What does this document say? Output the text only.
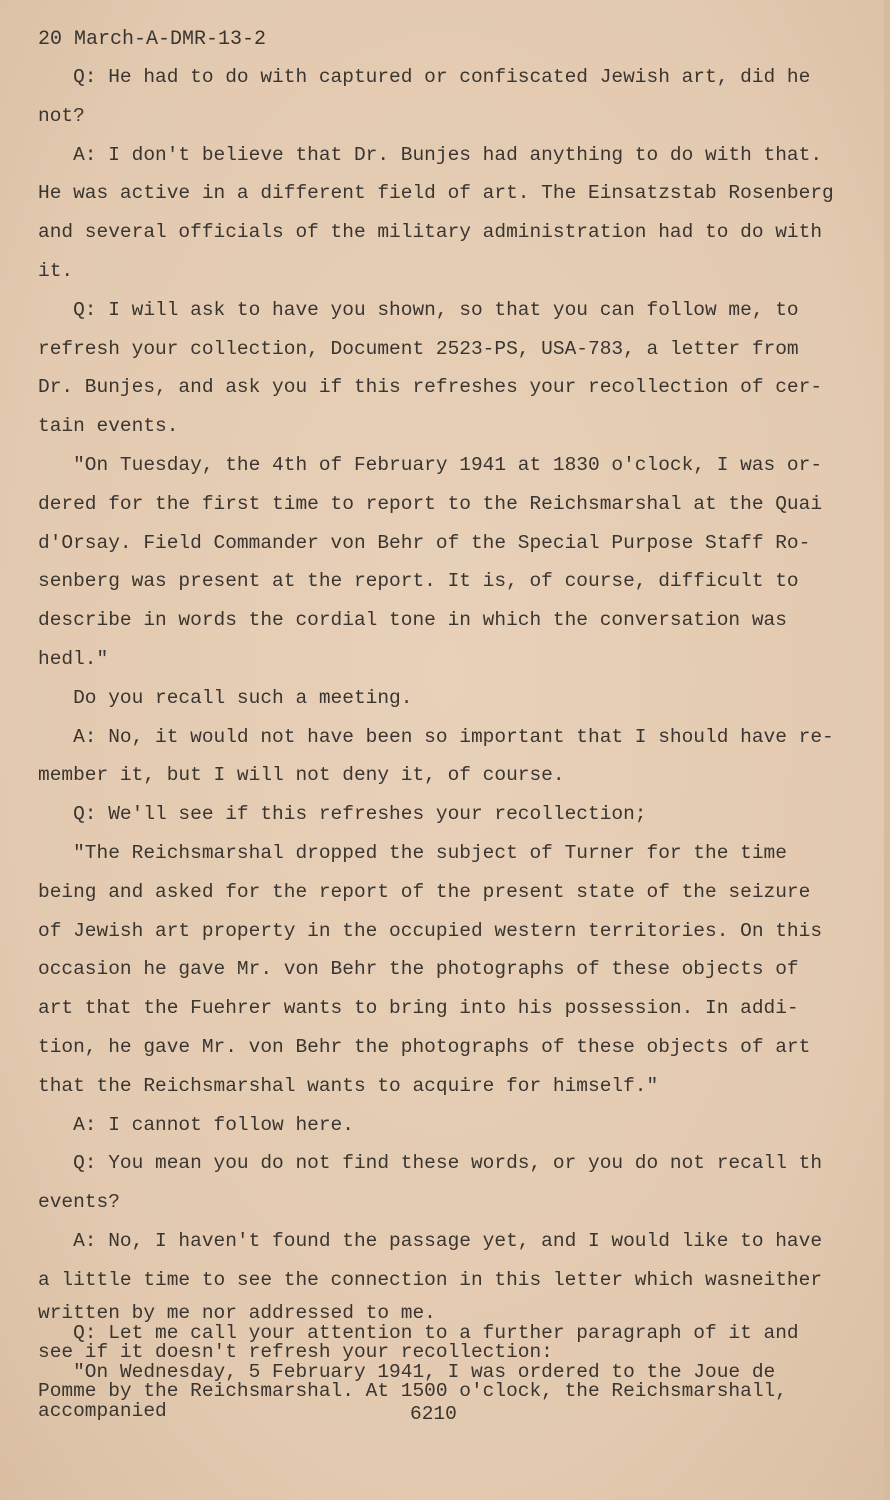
20 March-A-DMR-13-2
Q: He had to do with captured or confiscated Jewish art, did he
not?
A: I don't believe that Dr. Bunjes had anything to do with that.
He was active in a different field of art. The Einsatzstab Rosenberg
and several officials of the military administration had to do with
it.
Q: I will ask to have you shown, so that you can follow me, to
refresh your collection, Document 2523-PS, USA-783, a letter from
Dr. Bunjes, and ask you if this refreshes your recollection of cer-
tain events.
"On Tuesday, the 4th of February 1941 at 1830 o'clock, I was or-
dered for the first time to report to the Reichsmarshal at the Quai
d'Orsay. Field Commander von Behr of the Special Purpose Staff Ro-
senberg was present at the report. It is, of course, difficult to
describe in words the cordial tone in which the conversation was
hedl."
Do you recall such a meeting.
A: No, it would not have been so important that I should have re-
member it, but I will not deny it, of course.
Q: We'll see if this refreshes your recollection;
"The Reichsmarshal dropped the subject of Turner for the time
being and asked for the report of the present state of the seizure
of Jewish art property in the occupied western territories. On this
occasion he gave Mr. von Behr the photographs of these objects of
art that the Fuehrer wants to bring into his possession. In addi-
tion, he gave Mr. von Behr the photographs of these objects of art
that the Reichsmarshal wants to acquire for himself."
A: I cannot follow here.
Q: You mean you do not find these words, or you do not recall th
events?
A: No, I haven't found the passage yet, and I would like to have
a little time to see the connection in this letter which wasneither
written by me nor addressed to me.
Q: Let me call your attention to a further paragraph of it and
see if it doesn't refresh your recollection:
"On Wednesday, 5 February 1941, I was ordered to the Joue de
Pomme by the Reichsmarshal. At 1500 o'clock, the Reichsmarshall,
accompanied	6210
